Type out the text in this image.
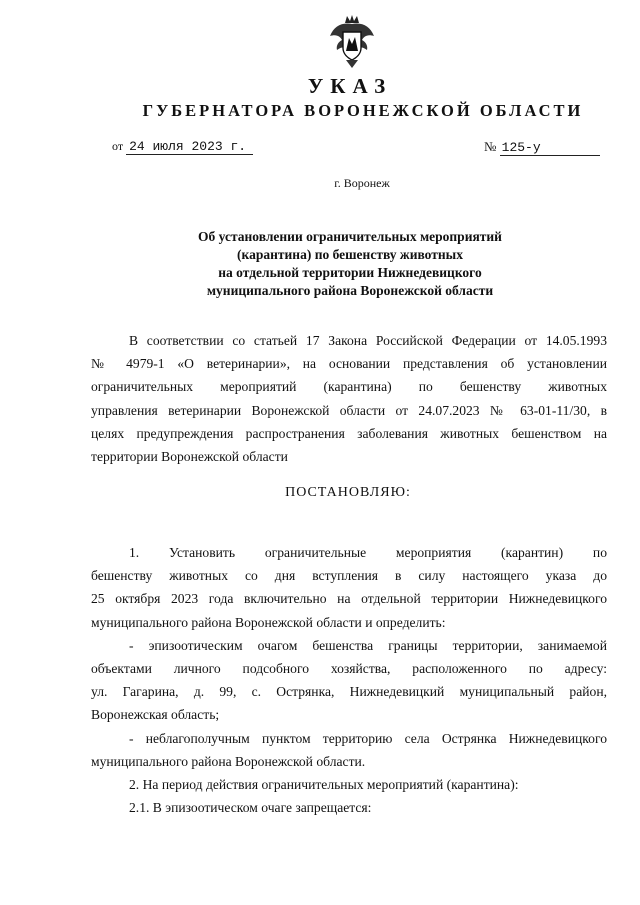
УКАЗ
ГУБЕРНАТОРА ВОРОНЕЖСКОЙ ОБЛАСТИ
от 24 июля 2023 г.	№ 125-у
г. Воронеж
Об установлении ограничительных мероприятий
(карантина) по бешенству животных
на отдельной территории Нижнедевицкого
муниципального района Воронежской области

В соответствии со статьей 17 Закона Российской Федерации от 14.05.1993

№ 4979-1 «О ветеринарии», на основании представления об установлении

ограничительных мероприятий (карантина) по бешенству животных

управления ветеринарии Воронежской области от 24.07.2023 № 63-01-11/30, в

целях предупреждения распространения заболевания животных бешенством на

территории Воронежской области

ПОСТАНОВЛЯЮ:

1. Установить ограничительные мероприятия (карантин) по

бешенству животных со дня вступления в силу настоящего указа до

25 октября 2023 года включительно на отдельной территории Нижнедевицкого

муниципального района Воронежской области и определить:

- эпизоотическим очагом бешенства границы территории, занимаемой

объектами личного подсобного хозяйства, расположенного по адресу:

ул. Гагарина, д. 99, с. Острянка, Нижнедевицкий муниципальный район,

Воронежская область;

- неблагополучным пунктом территорию села Острянка Нижнедевицкого

муниципального района Воронежской области.

2. На период действия ограничительных мероприятий (карантина):

2.1. В эпизоотическом очаге запрещается:
